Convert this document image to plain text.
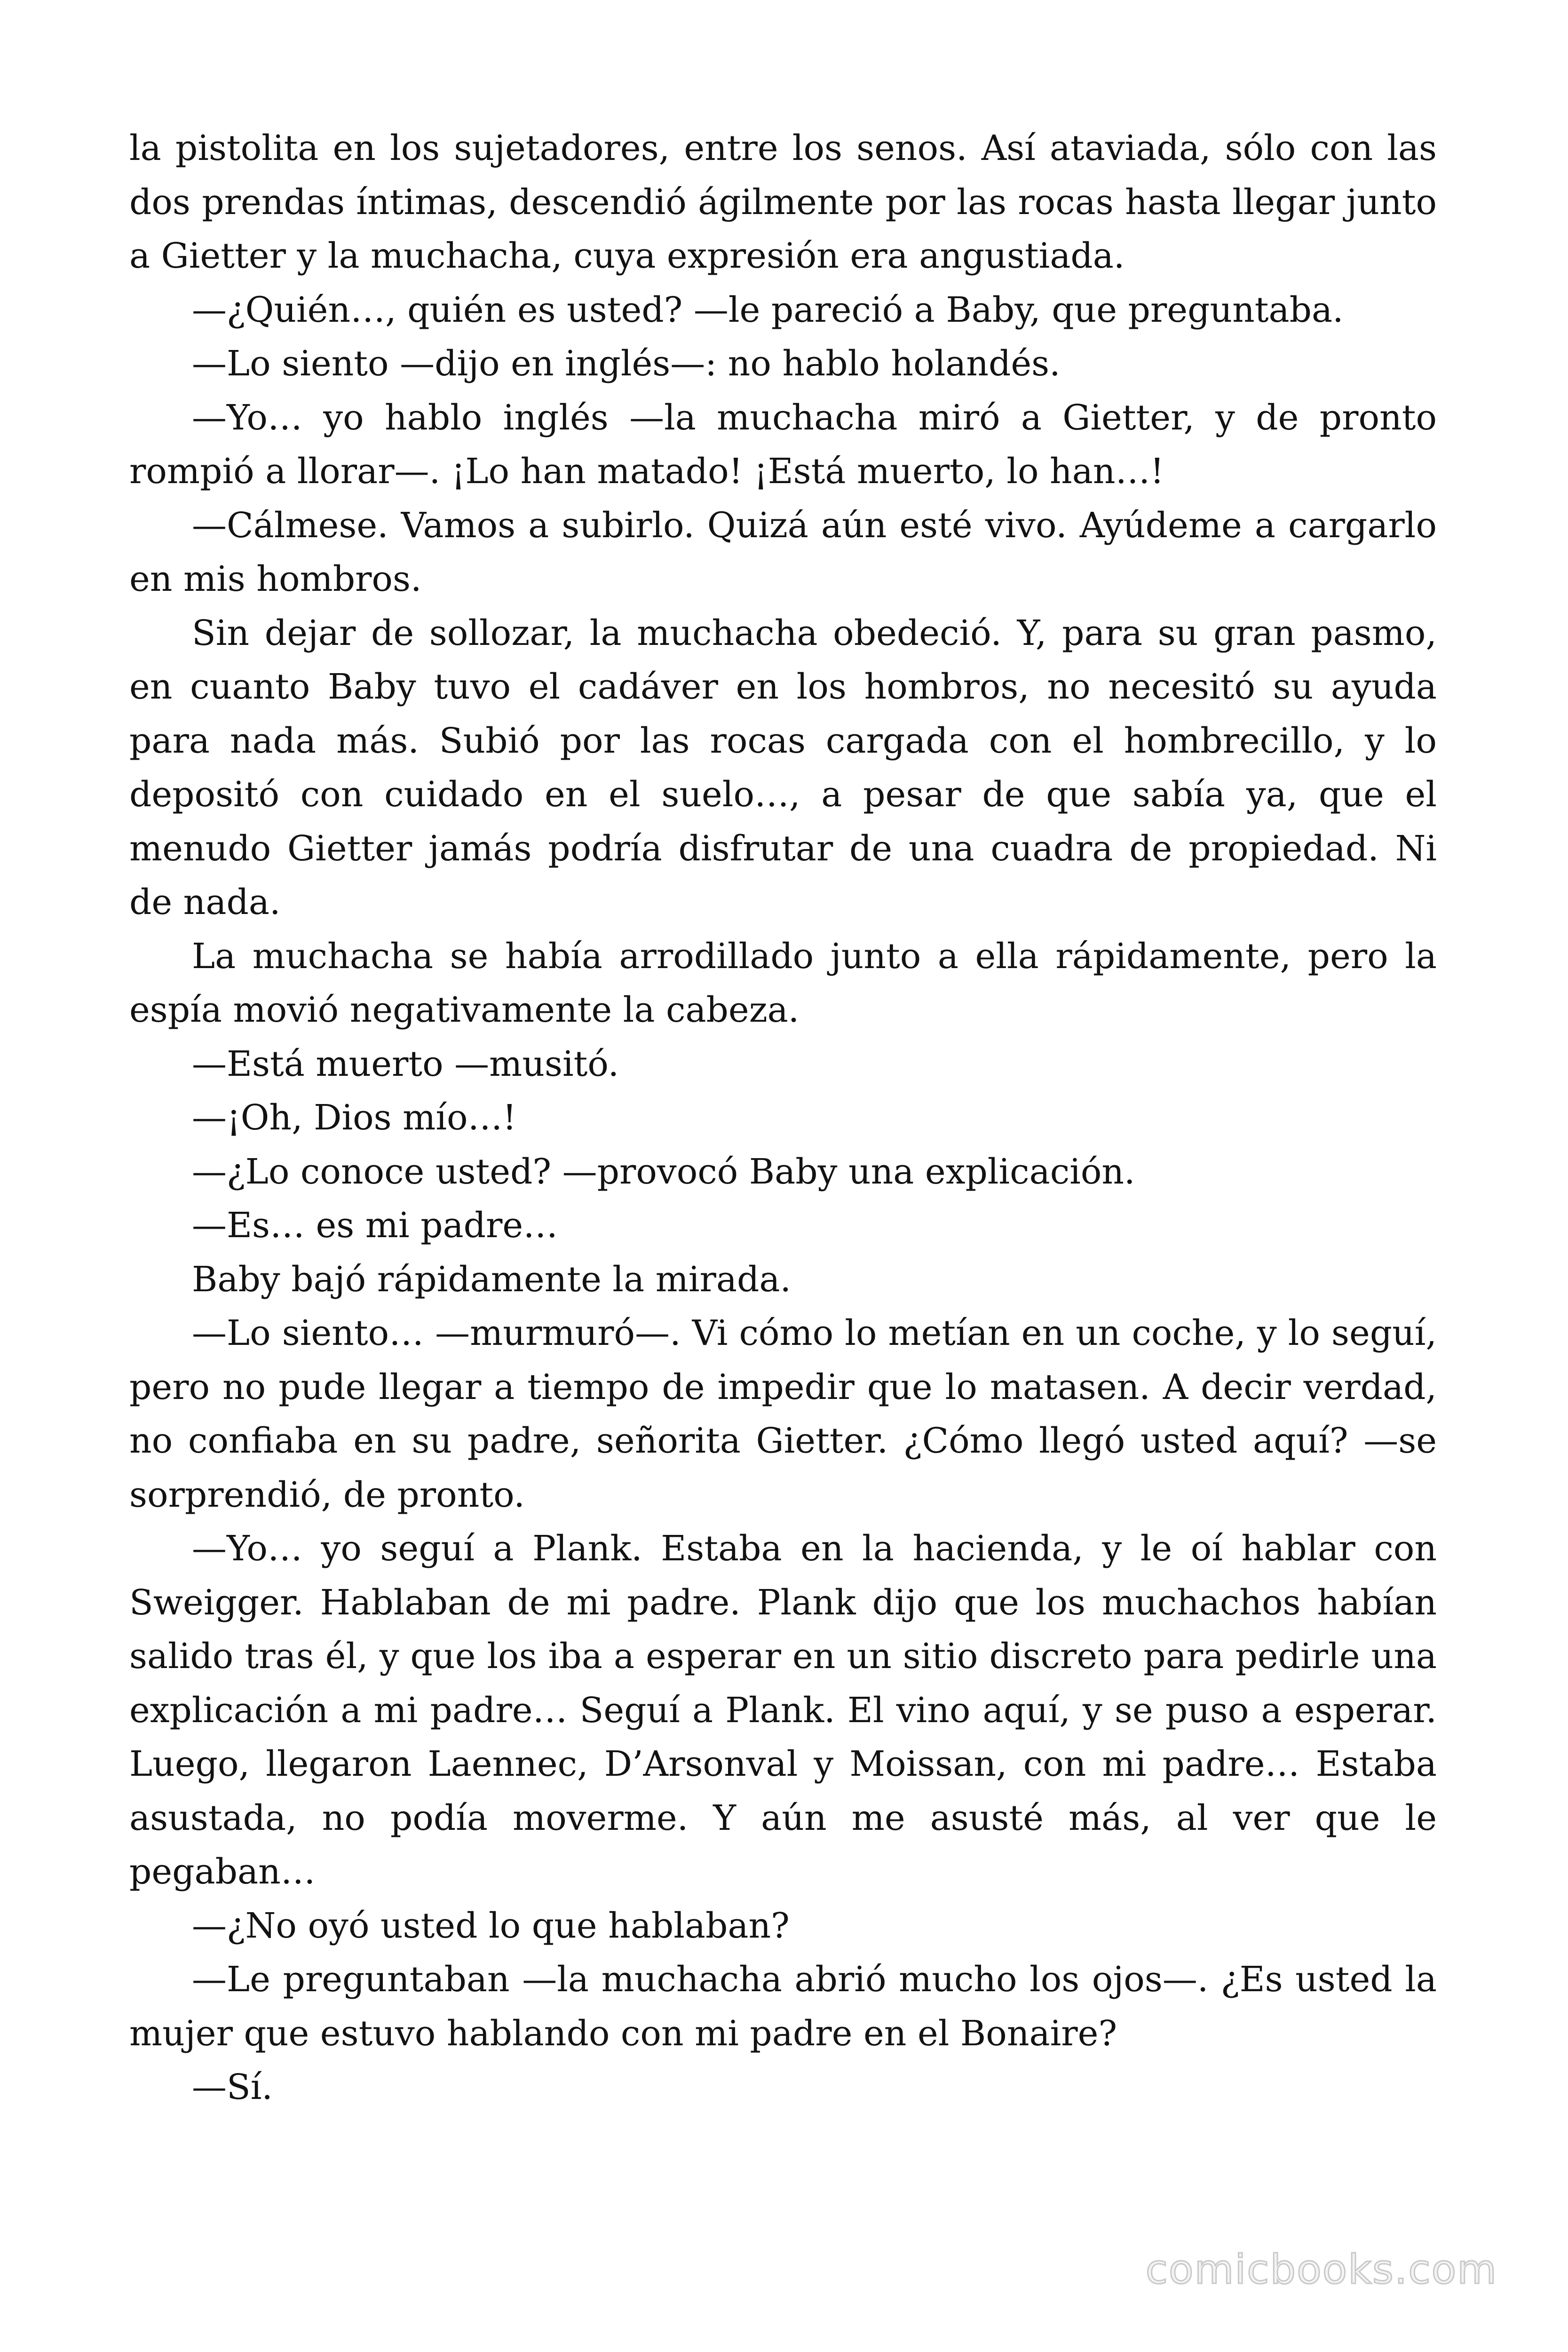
la pistolita en los sujetadores, entre los senos. Así ataviada, sólo con las dos prendas íntimas, descendió ágilmente por las rocas hasta llegar junto a Gietter y la muchacha, cuya expresión era angustiada.

—¿Quién…, quién es usted? —le pareció a Baby, que preguntaba.

—Lo siento —dijo en inglés—: no hablo holandés.

—Yo… yo hablo inglés —la muchacha miró a Gietter, y de pronto rompió a llorar—. ¡Lo han matado! ¡Está muerto, lo han…!

—Cálmese. Vamos a subirlo. Quizá aún esté vivo. Ayúdeme a cargarlo en mis hombros.

Sin dejar de sollozar, la muchacha obedeció. Y, para su gran pasmo, en cuanto Baby tuvo el cadáver en los hombros, no necesitó su ayuda para nada más. Subió por las rocas cargada con el hombrecillo, y lo depositó con cuidado en el suelo…, a pesar de que sabía ya, que el menudo Gietter jamás podría disfrutar de una cuadra de propiedad. Ni de nada.

La muchacha se había arrodillado junto a ella rápidamente, pero la espía movió negativamente la cabeza.

—Está muerto —musitó.

—¡Oh, Dios mío…!

—¿Lo conoce usted? —provocó Baby una explicación.

—Es… es mi padre…

Baby bajó rápidamente la mirada.

—Lo siento… —murmuró—. Vi cómo lo metían en un coche, y lo seguí, pero no pude llegar a tiempo de impedir que lo matasen. A decir verdad, no confiaba en su padre, señorita Gietter. ¿Cómo llegó usted aquí? —se sorprendió, de pronto.

—Yo… yo seguí a Plank. Estaba en la hacienda, y le oí hablar con Sweigger. Hablaban de mi padre. Plank dijo que los muchachos habían salido tras él, y que los iba a esperar en un sitio discreto para pedirle una explicación a mi padre… Seguí a Plank. El vino aquí, y se puso a esperar. Luego, llegaron Laennec, D’Arsonval y Moissan, con mi padre… Estaba asustada, no podía moverme. Y aún me asusté más, al ver que le pegaban…

—¿No oyó usted lo que hablaban?

—Le preguntaban —la muchacha abrió mucho los ojos—. ¿Es usted la mujer que estuvo hablando con mi padre en el Bonaire?

—Sí.

comicbooks.com
